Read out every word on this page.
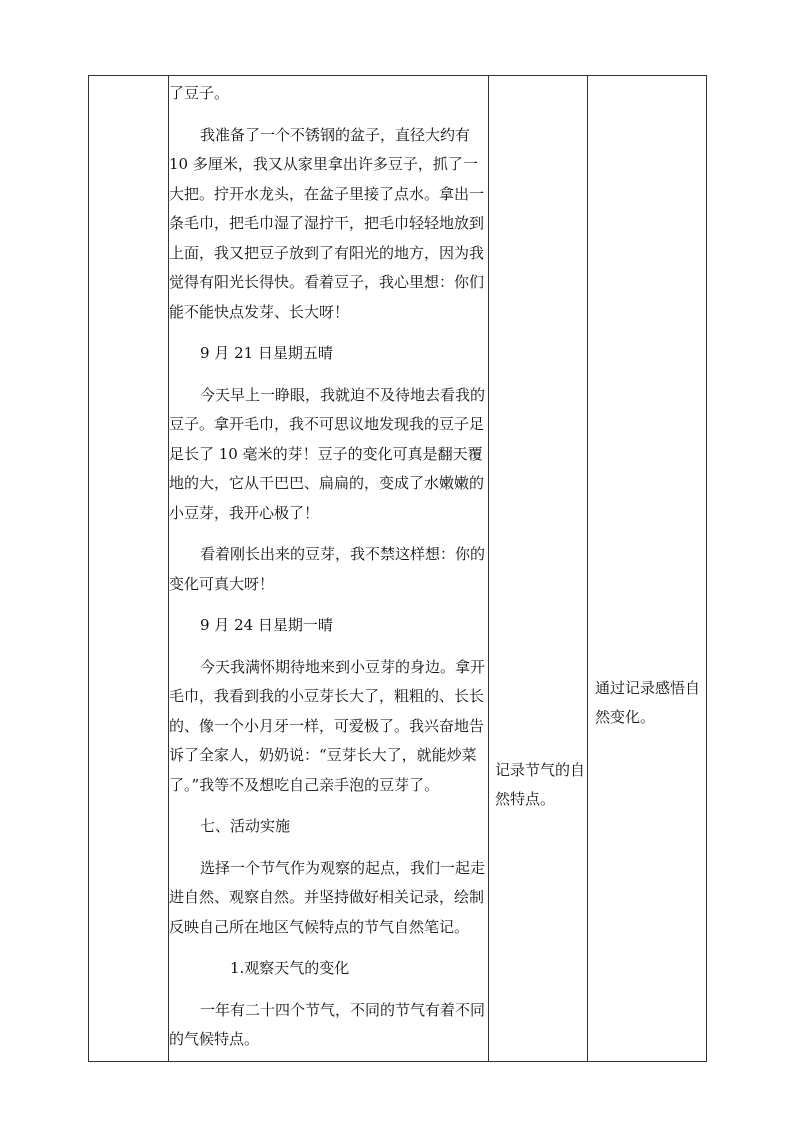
了豆子。

我准备了一个不锈钢的盆子，直径大约有 10 多厘米，我又从家里拿出许多豆子，抓了一大把。拧开水龙头，在盆子里接了点水。拿出一条毛巾，把毛巾湿了湿拧干，把毛巾轻轻地放到上面，我又把豆子放到了有阳光的地方，因为我觉得有阳光长得快。看着豆子，我心里想：你们能不能快点发芽、长大呀！

9 月 21 日星期五晴

今天早上一睁眼，我就迫不及待地去看我的豆子。拿开毛巾，我不可思议地发现我的豆子足足长了 10 毫米的芽！豆子的变化可真是翻天覆地的大，它从干巴巴、扁扁的，变成了水嫩嫩的小豆芽，我开心极了！

看着刚长出来的豆芽，我不禁这样想：你的变化可真大呀！

9 月 24 日星期一晴

今天我满怀期待地来到小豆芽的身边。拿开毛巾，我看到我的小豆芽长大了，粗粗的、长长的、像一个小月牙一样，可爱极了。我兴奋地告诉了全家人，奶奶说：“豆芽长大了，就能炒菜了。”我等不及想吃自己亲手泡的豆芽了。

七、活动实施

选择一个节气作为观察的起点，我们一起走进自然、观察自然。并坚持做好相关记录，绘制反映自己所在地区气候特点的节气自然笔记。

1.观察天气的变化

一年有二十四个节气，不同的节气有着不同的气候特点。

记录节气的自然特点。
通过记录感悟自然变化。
